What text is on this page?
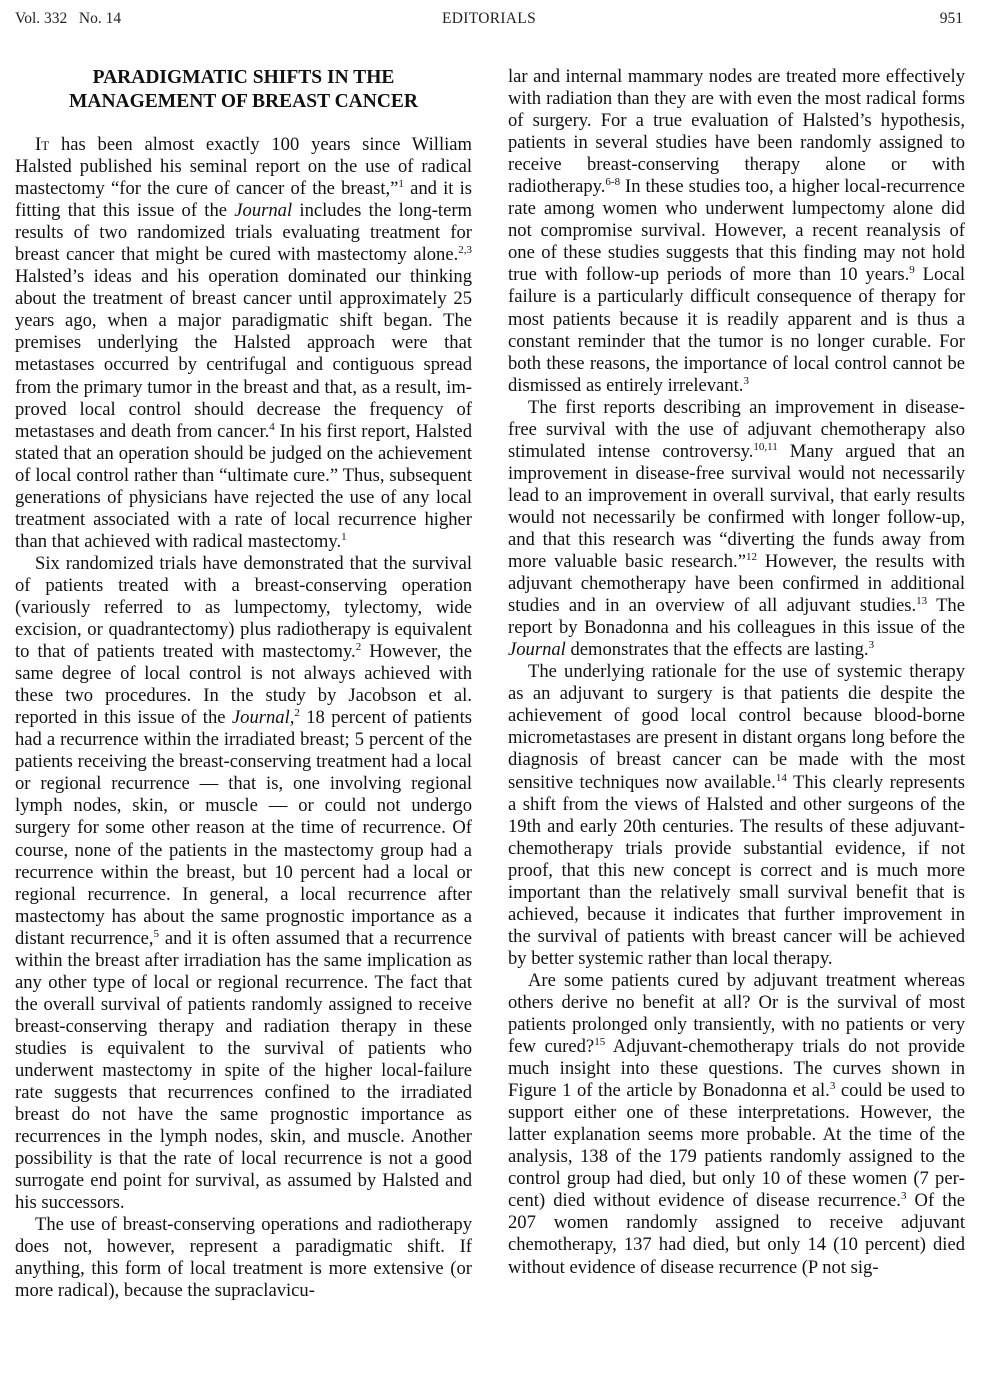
Vol. 332   No. 14	EDITORIALS	951
PARADIGMATIC SHIFTS IN THE
MANAGEMENT OF BREAST CANCER

It has been almost exactly 100 years since William Halsted published his seminal report on the use of radical mastectomy “for the cure of cancer of the breast,”$^1$ and it is fitting that this issue of the Journal includes the long-term results of two randomized trials evaluating treatment for breast cancer that might be cured with mastectomy alone.$^{2,3}$ Halsted’s ideas and his operation dominated our thinking about the treatment of breast cancer until approximately 25 years ago, when a major paradigmatic shift began. The premises underlying the Halsted approach were that metastases occurred by centrifugal and contiguous spread from the primary tumor in the breast and that, as a result, improved local control should decrease the frequency of metastases and death from cancer.$^4$ In his first report, Halsted stated that an operation should be judged on the achievement of local control rather than “ultimate cure.” Thus, subsequent generations of physicians have rejected the use of any local treatment associated with a rate of local recurrence higher than that achieved with radical mastectomy.$^1$

Six randomized trials have demonstrated that the survival of patients treated with a breast-conserving operation (variously referred to as lumpectomy, tylectomy, wide excision, or quadrantectomy) plus radiotherapy is equivalent to that of patients treated with mastectomy.$^2$ However, the same degree of local control is not always achieved with these two procedures. In the study by Jacobson et al. reported in this issue of the Journal,$^2$ 18 percent of patients had a recurrence within the irradiated breast; 5 percent of the patients receiving the breast-conserving treatment had a local or regional recurrence — that is, one involving regional lymph nodes, skin, or muscle — or could not undergo surgery for some other reason at the time of recurrence. Of course, none of the patients in the mastectomy group had a recurrence within the breast, but 10 percent had a local or regional recurrence. In general, a local recurrence after mastectomy has about the same prognostic importance as a distant recurrence,$^5$ and it is often assumed that a recurrence within the breast after irradiation has the same implication as any other type of local or regional recurrence. The fact that the overall survival of patients randomly assigned to receive breast-conserving therapy and radiation therapy in these studies is equivalent to the survival of patients who underwent mastectomy in spite of the higher local-failure rate suggests that recurrences confined to the irradiated breast do not have the same prognostic importance as recurrences in the lymph nodes, skin, and muscle. Another possibility is that the rate of local recurrence is not a good surrogate end point for survival, as assumed by Halsted and his successors.

The use of breast-conserving operations and radiotherapy does not, however, represent a paradigmatic shift. If anything, this form of local treatment is more extensive (or more radical), because the supraclavicu-

lar and internal mammary nodes are treated more effectively with radiation than they are with even the most radical forms of surgery. For a true evaluation of Halsted’s hypothesis, patients in several studies have been randomly assigned to receive breast-conserving therapy alone or with radiotherapy.$^{6-8}$ In these studies too, a higher local-recurrence rate among women who underwent lumpectomy alone did not compromise survival. However, a recent reanalysis of one of these studies suggests that this finding may not hold true with follow-up periods of more than 10 years.$^9$ Local failure is a particularly difficult consequence of therapy for most patients because it is readily apparent and is thus a constant reminder that the tumor is no longer curable. For both these reasons, the importance of local control cannot be dismissed as entirely irrelevant.$^3$

The first reports describing an improvement in disease-free survival with the use of adjuvant chemotherapy also stimulated intense controversy.$^{10,11}$ Many argued that an improvement in disease-free survival would not necessarily lead to an improvement in overall survival, that early results would not necessarily be confirmed with longer follow-up, and that this research was “diverting the funds away from more valuable basic research.”$^{12}$ However, the results with adjuvant chemotherapy have been confirmed in additional studies and in an overview of all adjuvant studies.$^{13}$ The report by Bonadonna and his colleagues in this issue of the Journal demonstrates that the effects are lasting.$^3$

The underlying rationale for the use of systemic therapy as an adjuvant to surgery is that patients die despite the achievement of good local control because blood-borne micrometastases are present in distant organs long before the diagnosis of breast cancer can be made with the most sensitive techniques now available.$^{14}$ This clearly represents a shift from the views of Halsted and other surgeons of the 19th and early 20th centuries. The results of these adjuvant-chemotherapy trials provide substantial evidence, if not proof, that this new concept is correct and is much more important than the relatively small survival benefit that is achieved, because it indicates that further improvement in the survival of patients with breast cancer will be achieved by better systemic rather than local therapy.

Are some patients cured by adjuvant treatment whereas others derive no benefit at all? Or is the survival of most patients prolonged only transiently, with no patients or very few cured?$^{15}$ Adjuvant-chemotherapy trials do not provide much insight into these questions. The curves shown in Figure 1 of the article by Bonadonna et al.$^3$ could be used to support either one of these interpretations. However, the latter explanation seems more probable. At the time of the analysis, 138 of the 179 patients randomly assigned to the control group had died, but only 10 of these women (7 percent) died without evidence of disease recurrence.$^3$ Of the 207 women randomly assigned to receive adjuvant chemotherapy, 137 had died, but only 14 (10 percent) died without evidence of disease recurrence (P not sig-
